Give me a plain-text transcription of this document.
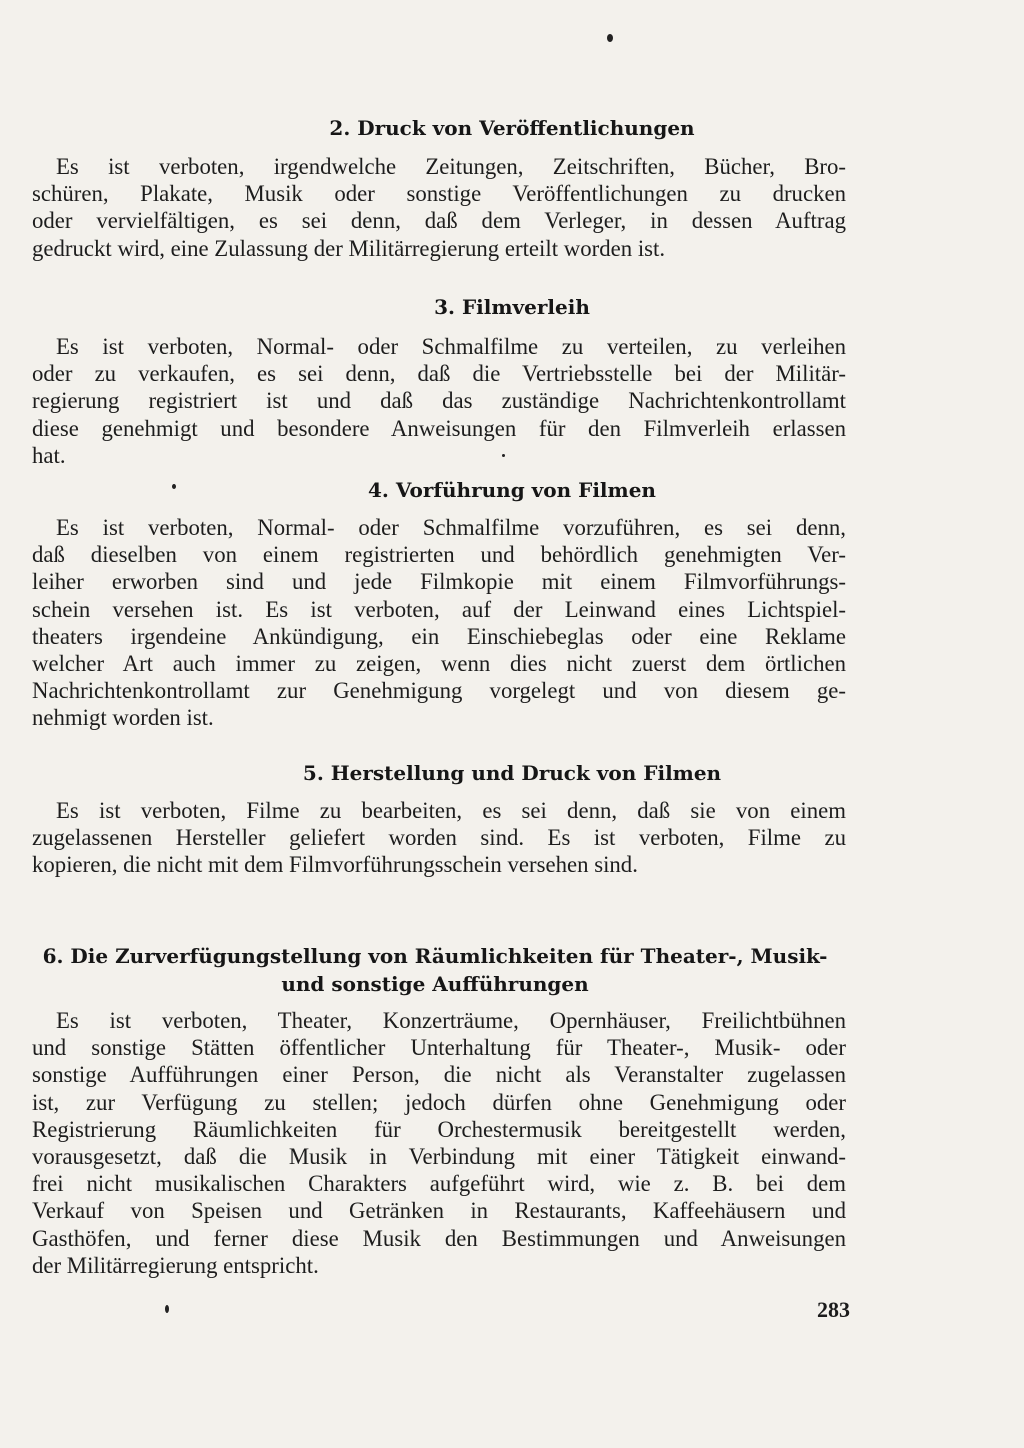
2. Druck von Veröffentlichungen
Es ist verboten, irgendwelche Zeitungen, Zeitschriften, Bücher, Bro-
schüren, Plakate, Musik oder sonstige Veröffentlichungen zu drucken
oder vervielfältigen, es sei denn, daß dem Verleger, in dessen Auftrag
gedruckt wird, eine Zulassung der Militärregierung erteilt worden ist.
3. Filmverleih
Es ist verboten, Normal- oder Schmalfilme zu verteilen, zu verleihen
oder zu verkaufen, es sei denn, daß die Vertriebsstelle bei der Militär-
regierung registriert ist und daß das zuständige Nachrichtenkontrollamt
diese genehmigt und besondere Anweisungen für den Filmverleih erlassen
hat.
4. Vorführung von Filmen
Es ist verboten, Normal- oder Schmalfilme vorzuführen, es sei denn,
daß dieselben von einem registrierten und behördlich genehmigten Ver-
leiher erworben sind und jede Filmkopie mit einem Filmvorführungs-
schein versehen ist. Es ist verboten, auf der Leinwand eines Lichtspiel-
theaters irgendeine Ankündigung, ein Einschiebeglas oder eine Reklame
welcher Art auch immer zu zeigen, wenn dies nicht zuerst dem örtlichen
Nachrichtenkontrollamt zur Genehmigung vorgelegt und von diesem ge-
nehmigt worden ist.
5. Herstellung und Druck von Filmen
Es ist verboten, Filme zu bearbeiten, es sei denn, daß sie von einem
zugelassenen Hersteller geliefert worden sind. Es ist verboten, Filme zu
kopieren, die nicht mit dem Filmvorführungsschein versehen sind.
6. Die Zurverfügungstellung von Räumlichkeiten für Theater-, Musik-
und sonstige Aufführungen
Es ist verboten, Theater, Konzerträume, Opernhäuser, Freilichtbühnen
und sonstige Stätten öffentlicher Unterhaltung für Theater-, Musik- oder
sonstige Aufführungen einer Person, die nicht als Veranstalter zugelassen
ist, zur Verfügung zu stellen; jedoch dürfen ohne Genehmigung oder
Registrierung Räumlichkeiten für Orchestermusik bereitgestellt werden,
vorausgesetzt, daß die Musik in Verbindung mit einer Tätigkeit einwand-
frei nicht musikalischen Charakters aufgeführt wird, wie z. B. bei dem
Verkauf von Speisen und Getränken in Restaurants, Kaffeehäusern und
Gasthöfen, und ferner diese Musik den Bestimmungen und Anweisungen
der Militärregierung entspricht.
283
